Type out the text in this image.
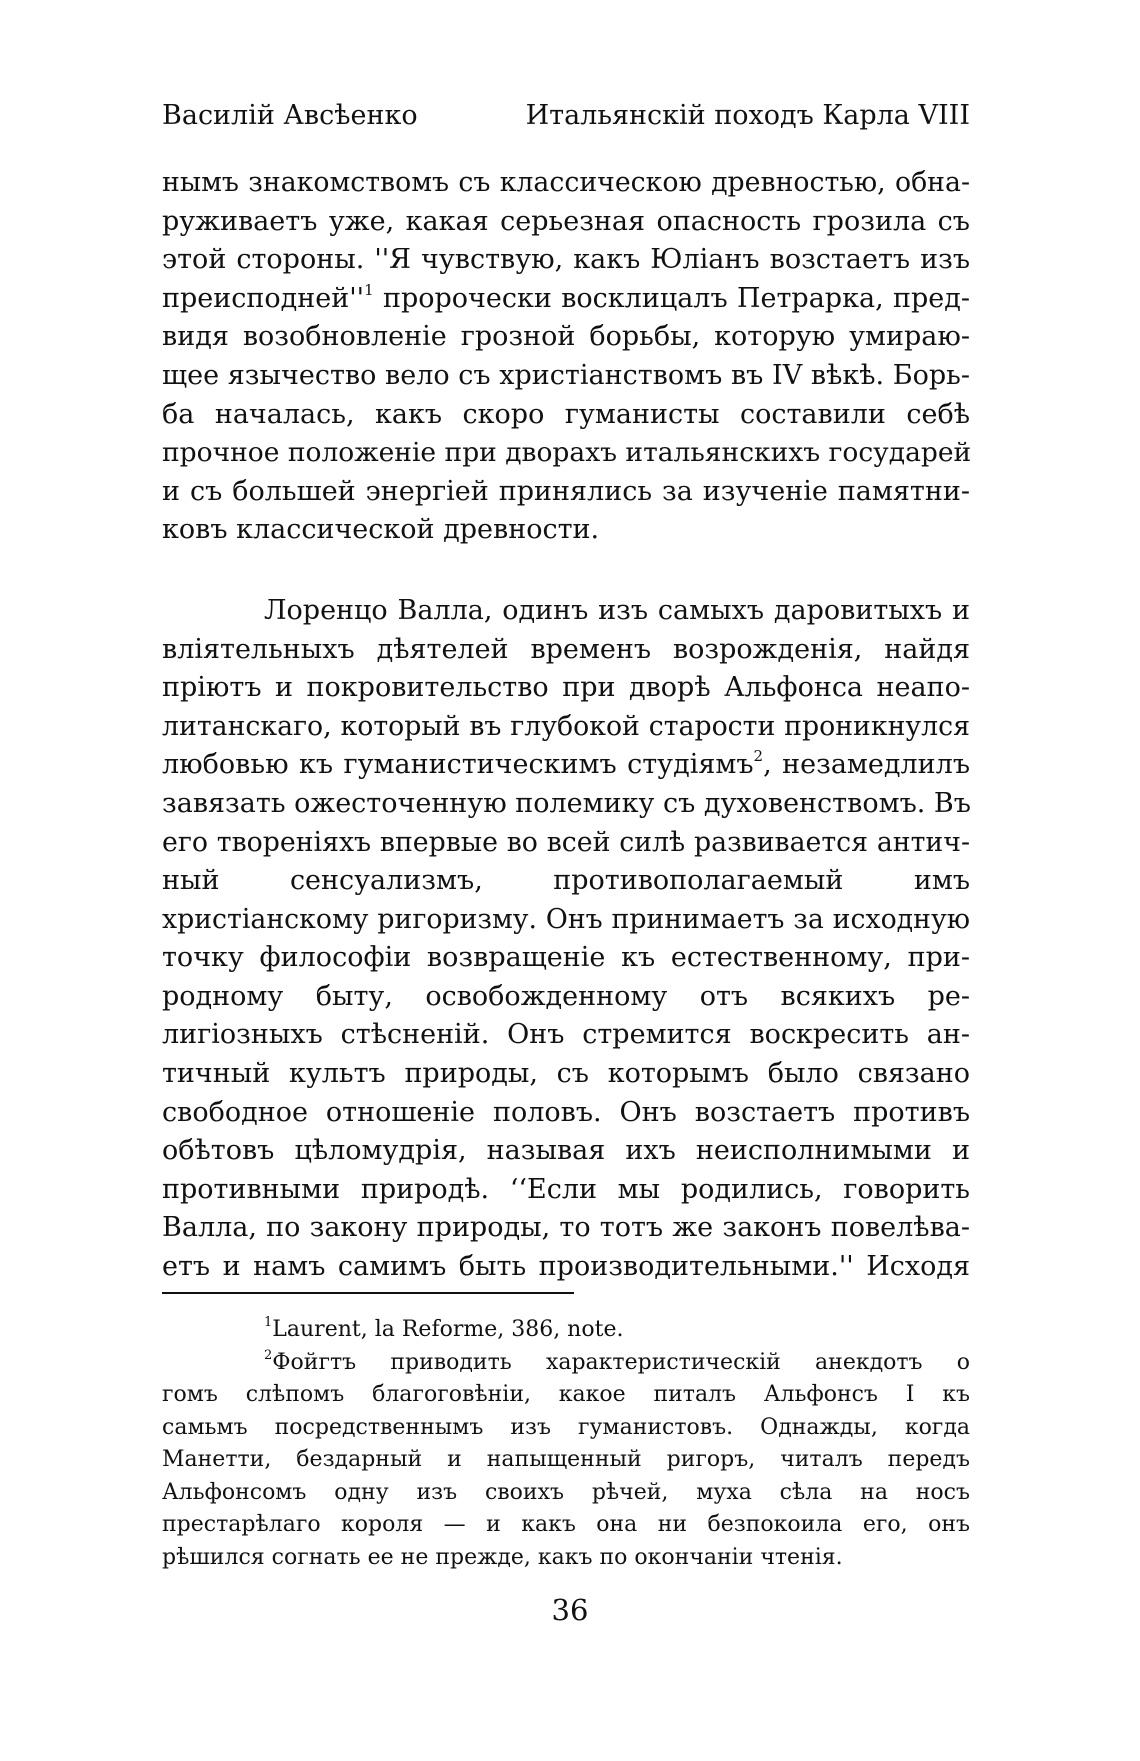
Василій Авсѣенко	Итальянскій походъ Карла VIII
нымъ знакомствомъ съ классическою древностью, обна-
руживаетъ уже, какая серьезная опасность грозила съ
этой стороны. ''Я чувствую, какъ Юліанъ возстаетъ изъ
$преисподней''^1$ пророчески восклицалъ Петрарка, пред-
видя возобновленіе грозной борьбы, которую умираю-
щее язычество вело съ христіанствомъ въ IV вѣкѣ. Борь-
ба началась, какъ скоро гуманисты составили себѣ
прочное положеніе при дворахъ итальянскихъ государей
и съ большей энергіей принялись за изученіе памятни-
ковъ классической древности.
Лоренцо Валла, одинъ изъ самыхъ даровитыхъ и
вліятельныхъ дѣятелей временъ возрожденія, найдя
пріютъ и покровительство при дворѣ Альфонса неапо-
литанскаго, который въ глубокой старости проникнулся
любовью къ гуманистическимъ студіямъ$^2$, незамедлилъ
завязать ожесточенную полемику съ духовенствомъ. Въ
его твореніяхъ впервые во всей силѣ развивается антич-
ный сенсуализмъ, противополагаемый имъ
христіанскому ригоризму. Онъ принимаетъ за исходную
точку философіи возвращеніе къ естественному, при-
родному быту, освобожденному отъ всякихъ ре-
лигіозныхъ стѣсненій. Онъ стремится воскресить ан-
тичный культъ природы, съ которымъ было связано
свободное отношеніе половъ. Онъ возстаетъ противъ
обѣтовъ цѣломудрія, называя ихъ неисполнимыми и
противными природѣ. ‘‘Если мы родились, говорить
Валла, по закону природы, то тотъ же законъ повелѣва-
етъ и намъ самимъ быть производительными.'' Исходя
$^1$Laurent, la Reforme, 386, note.
$^2$Фойгтъ приводить характеристическій анекдотъ о
гомъ слѣпомъ благоговѣніи, какое питалъ Альфонсъ I къ
самьмъ посредственнымъ изъ гуманистовъ. Однажды, когда
Манетти, бездарный и напыщенный ригоръ, читалъ передъ
Альфонсомъ одну изъ своихъ рѣчей, муха сѣла на носъ
престарѣлаго короля — и какъ она ни безпокоила его, онъ
рѣшился согнать ее не прежде, какъ по окончаніи чтенія.
36
